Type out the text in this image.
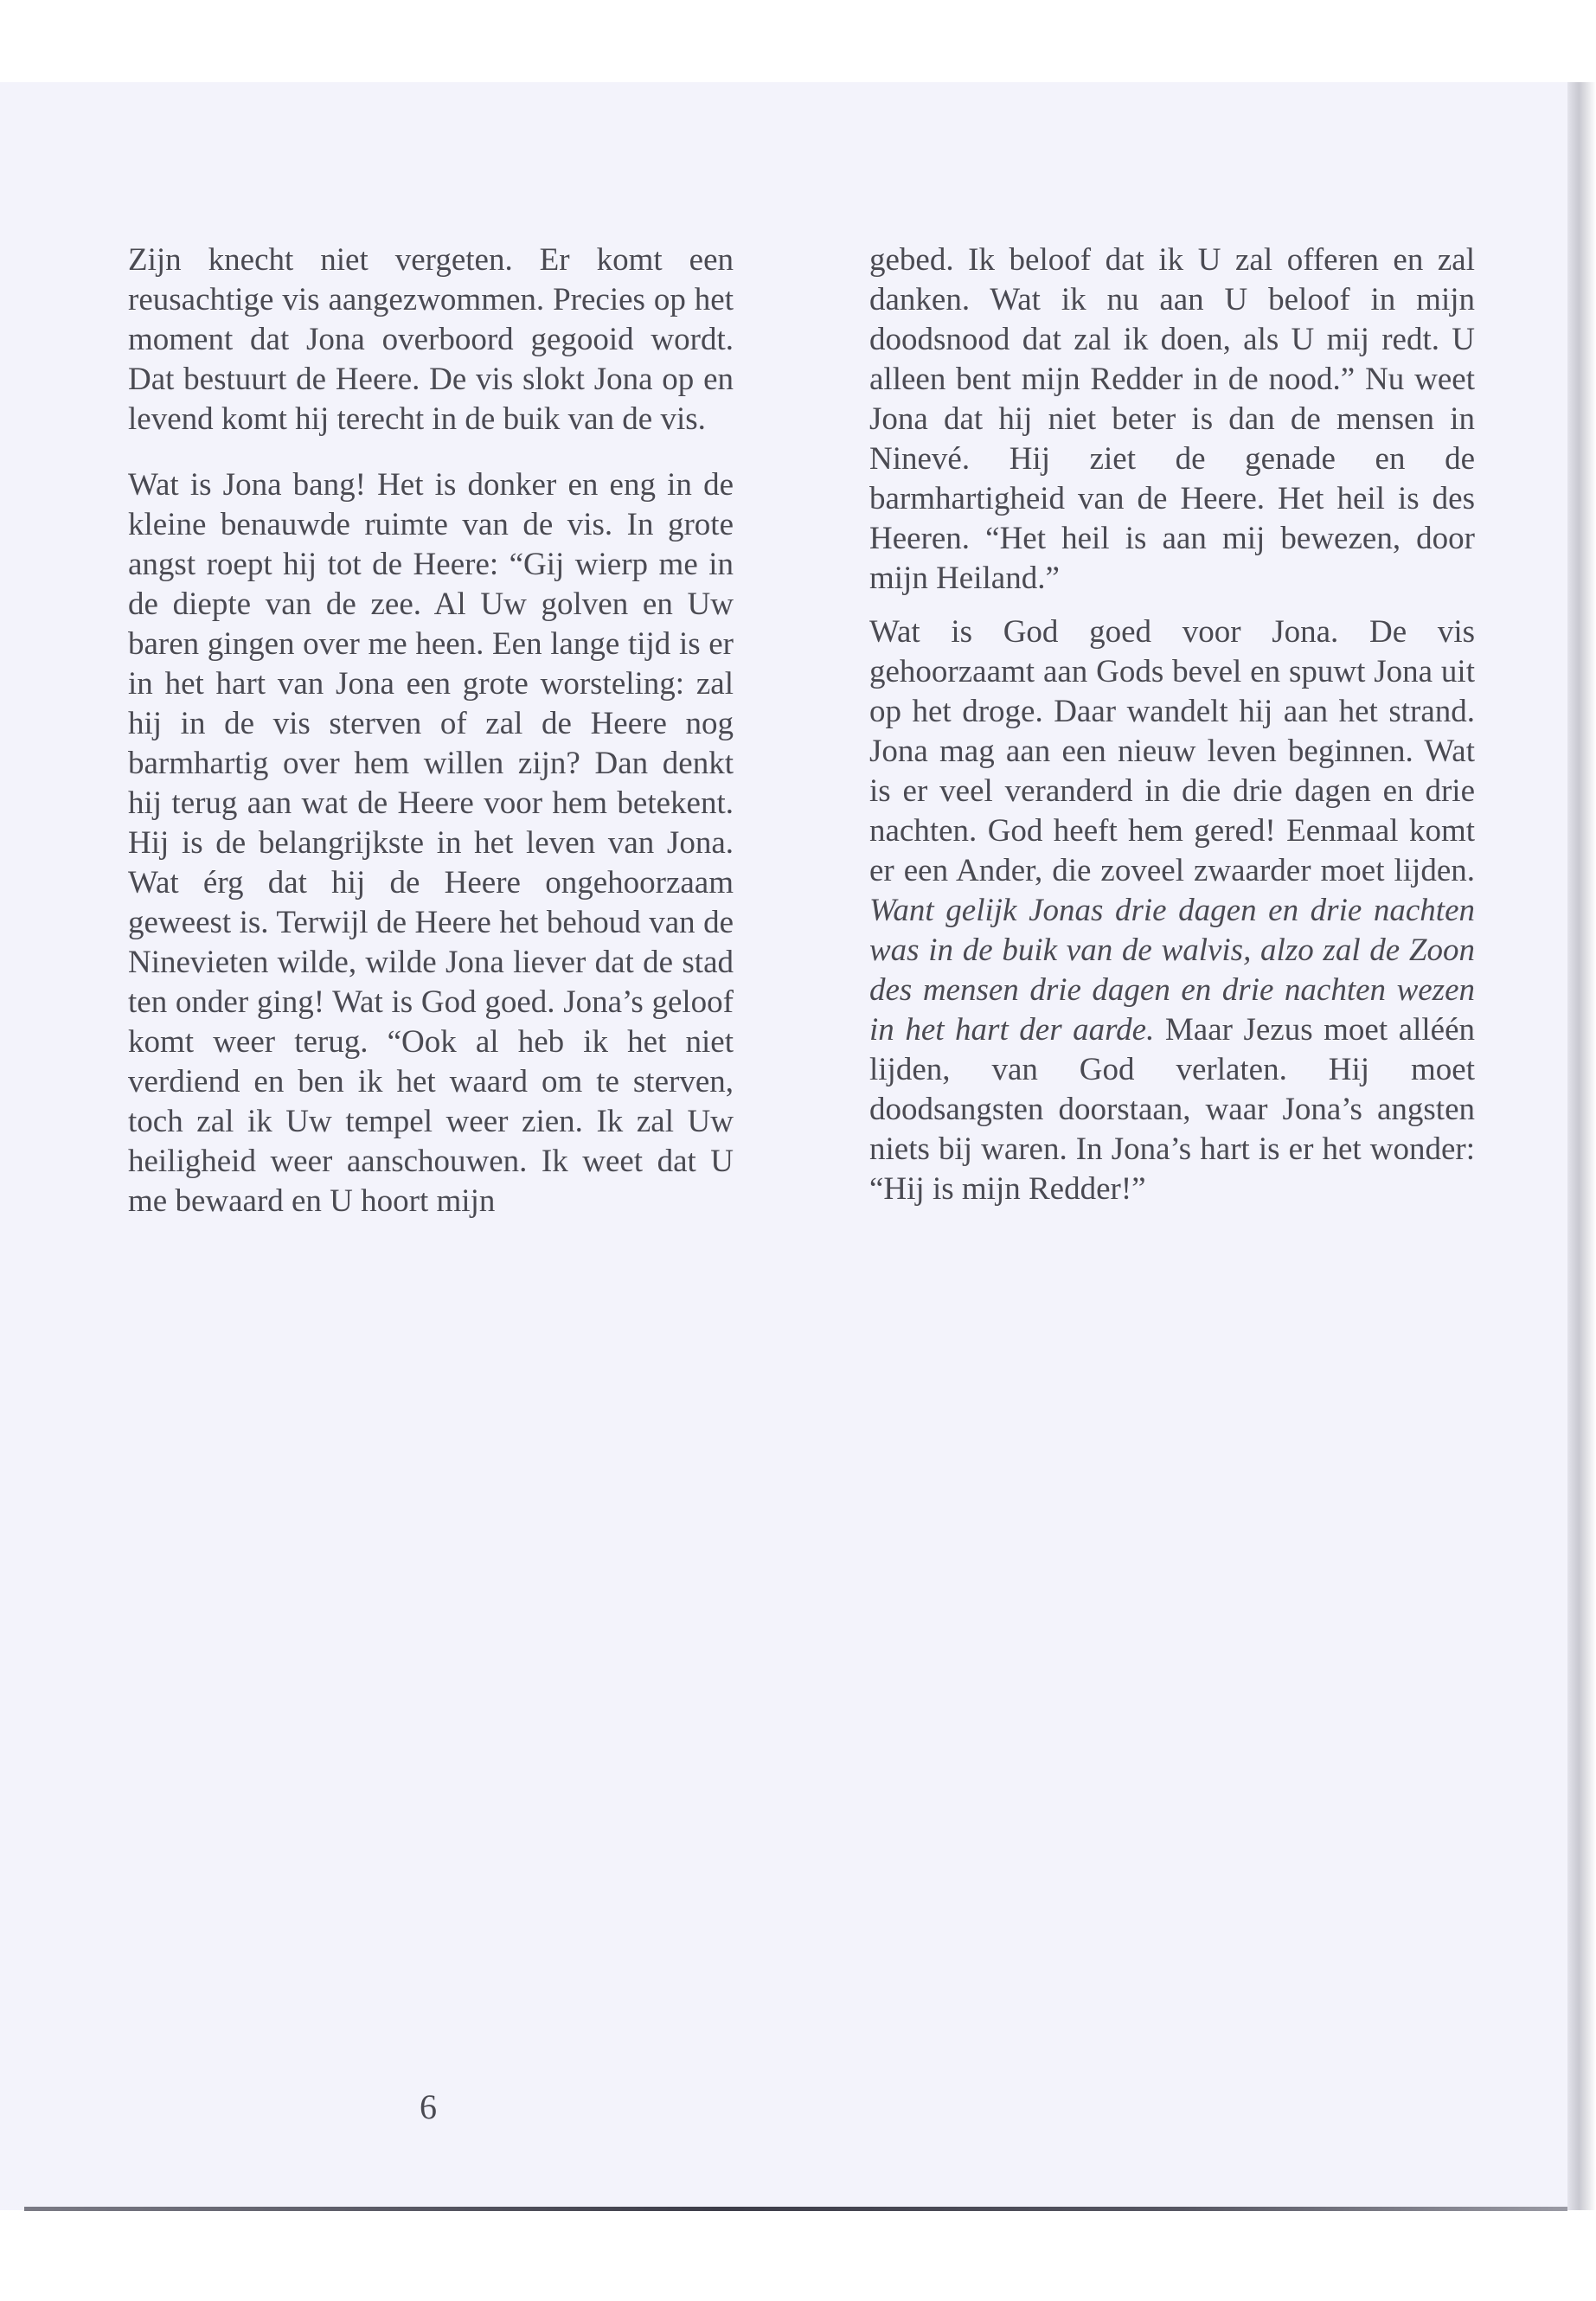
Zijn knecht niet vergeten. Er komt een reusachtige vis aangezwommen. Precies op het moment dat Jona overboord gegooid wordt. Dat bestuurt de Heere. De vis slokt Jona op en levend komt hij terecht in de buik van de vis.

Wat is Jona bang! Het is donker en eng in de kleine benauwde ruimte van de vis. In grote angst roept hij tot de Heere: “Gij wierp me in de diepte van de zee. Al Uw golven en Uw baren gingen over me heen. Een lange tijd is er in het hart van Jona een grote worsteling: zal hij in de vis sterven of zal de Heere nog barmhartig over hem willen zijn? Dan denkt hij terug aan wat de Heere voor hem betekent. Hij is de belangrijkste in het leven van Jona. Wat érg dat hij de Heere ongehoorzaam geweest is. Terwijl de Heere het behoud van de Ninevieten wilde, wilde Jona liever dat de stad ten onder ging! Wat is God goed. Jona’s geloof komt weer terug. “Ook al heb ik het niet verdiend en ben ik het waard om te sterven, toch zal ik Uw tempel weer zien. Ik zal Uw heiligheid weer aanschouwen. Ik weet dat U me bewaard en U hoort mijn

gebed. Ik beloof dat ik U zal offeren en zal danken. Wat ik nu aan U beloof in mijn doodsnood dat zal ik doen, als U mij redt. U alleen bent mijn Redder in de nood.” Nu weet Jona dat hij niet beter is dan de mensen in Ninevé. Hij ziet de genade en de barmhartigheid van de Heere. Het heil is des Heeren. “Het heil is aan mij bewezen, door mijn Heiland.”

Wat is God goed voor Jona. De vis gehoorzaamt aan Gods bevel en spuwt Jona uit op het droge. Daar wandelt hij aan het strand. Jona mag aan een nieuw leven beginnen. Wat is er veel veranderd in die drie dagen en drie nachten. God heeft hem gered! Eenmaal komt er een Ander, die zoveel zwaarder moet lijden. Want gelijk Jonas drie dagen en drie nachten was in de buik van de walvis, alzo zal de Zoon des mensen drie dagen en drie nachten wezen in het hart der aarde. Maar Jezus moet alléén lijden, van God verlaten. Hij moet doodsangsten doorstaan, waar Jona’s angsten niets bij waren. In Jona’s hart is er het wonder: “Hij is mijn Redder!”

6
